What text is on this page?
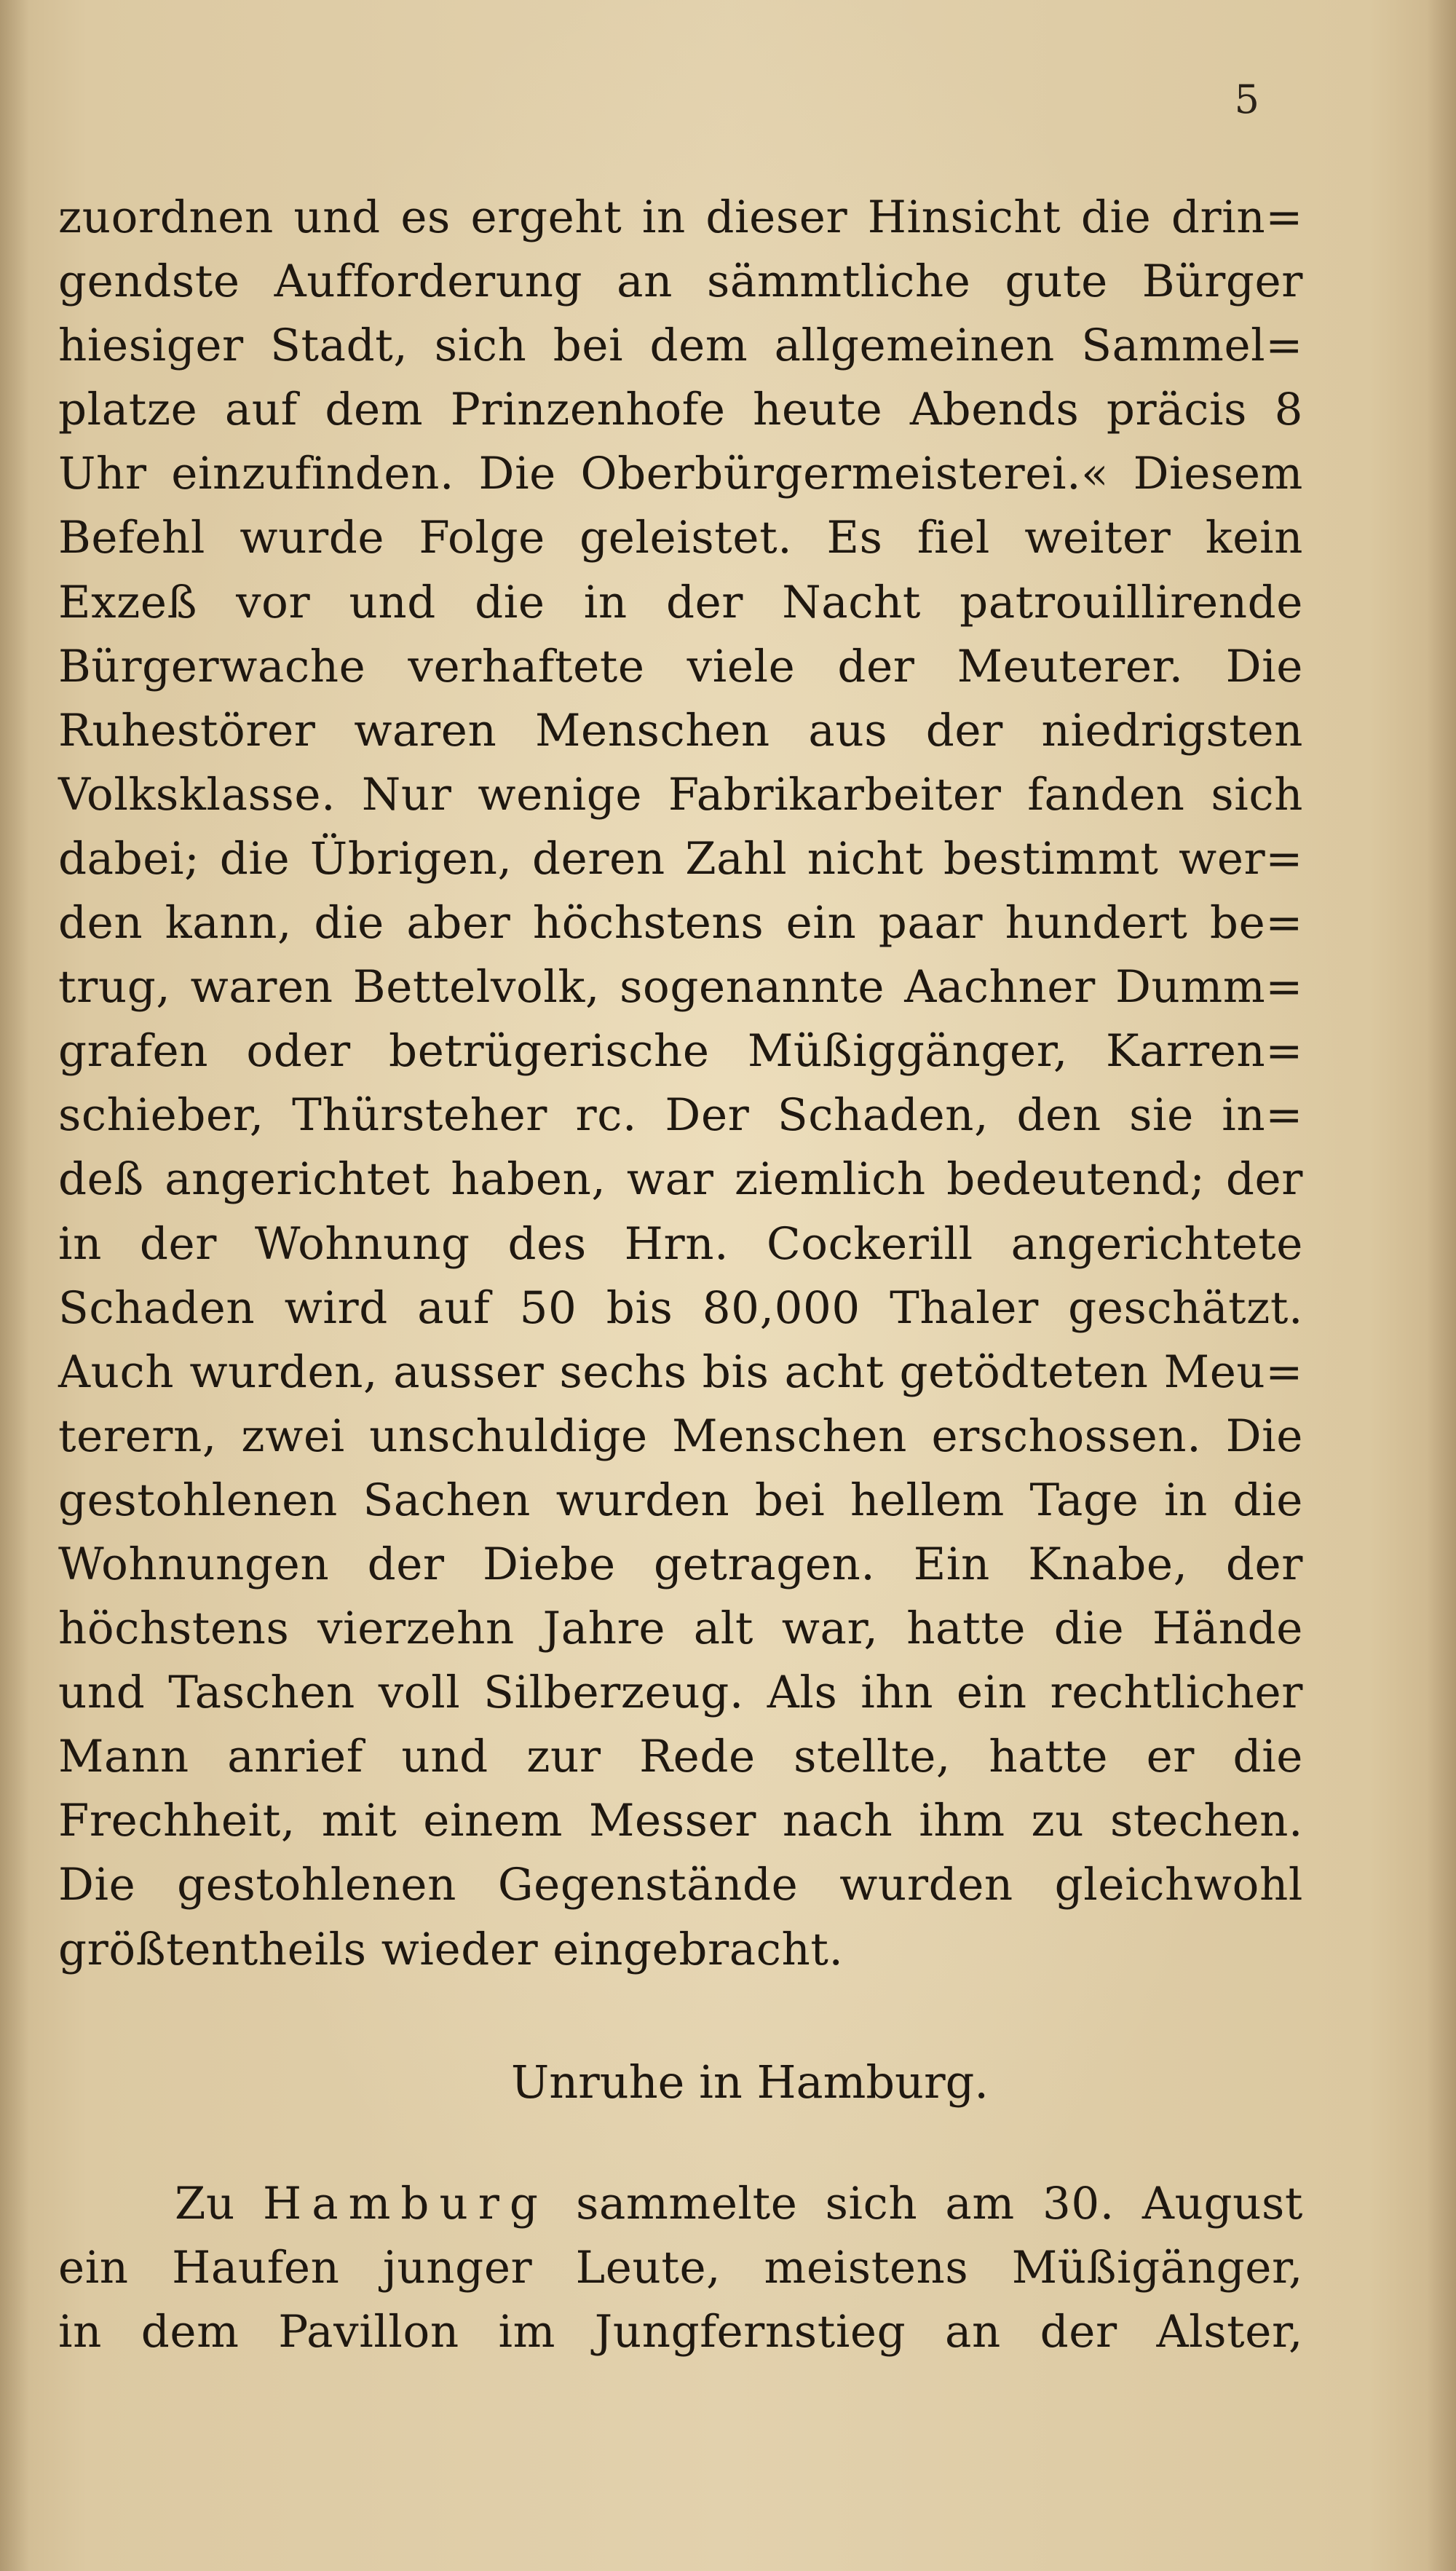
5
zuordnen und es ergeht in dieser Hinsicht die drin=
gendste Aufforderung an sämmtliche gute Bürger
hiesiger Stadt, sich bei dem allgemeinen Sammel=
platze auf dem Prinzenhofe heute Abends präcis 8
Uhr einzufinden. Die Oberbürgermeisterei.« Diesem
Befehl wurde Folge geleistet. Es fiel weiter kein
Exzeß vor und die in der Nacht patrouillirende
Bürgerwache verhaftete viele der Meuterer. Die
Ruhestörer waren Menschen aus der niedrigsten
Volksklasse. Nur wenige Fabrikarbeiter fanden sich
dabei; die Übrigen, deren Zahl nicht bestimmt wer=
den kann, die aber höchstens ein paar hundert be=
trug, waren Bettelvolk, sogenannte Aachner Dumm=
grafen oder betrügerische Müßiggänger, Karren=
schieber, Thürsteher rc. Der Schaden, den sie in=
deß angerichtet haben, war ziemlich bedeutend; der
in der Wohnung des Hrn. Cockerill angerichtete
Schaden wird auf 50 bis 80,000 Thaler geschätzt.
Auch wurden, ausser sechs bis acht getödteten Meu=
terern, zwei unschuldige Menschen erschossen. Die
gestohlenen Sachen wurden bei hellem Tage in die
Wohnungen der Diebe getragen. Ein Knabe, der
höchstens vierzehn Jahre alt war, hatte die Hände
und Taschen voll Silberzeug. Als ihn ein rechtlicher
Mann anrief und zur Rede stellte, hatte er die
Frechheit, mit einem Messer nach ihm zu stechen.
Die gestohlenen Gegenstände wurden gleichwohl
größtentheils wieder eingebracht.
Unruhe in Hamburg.
Zu Hamburg sammelte sich am 30. August
ein Haufen junger Leute, meistens Müßigänger,
in dem Pavillon im Jungfernstieg an der Alster,
